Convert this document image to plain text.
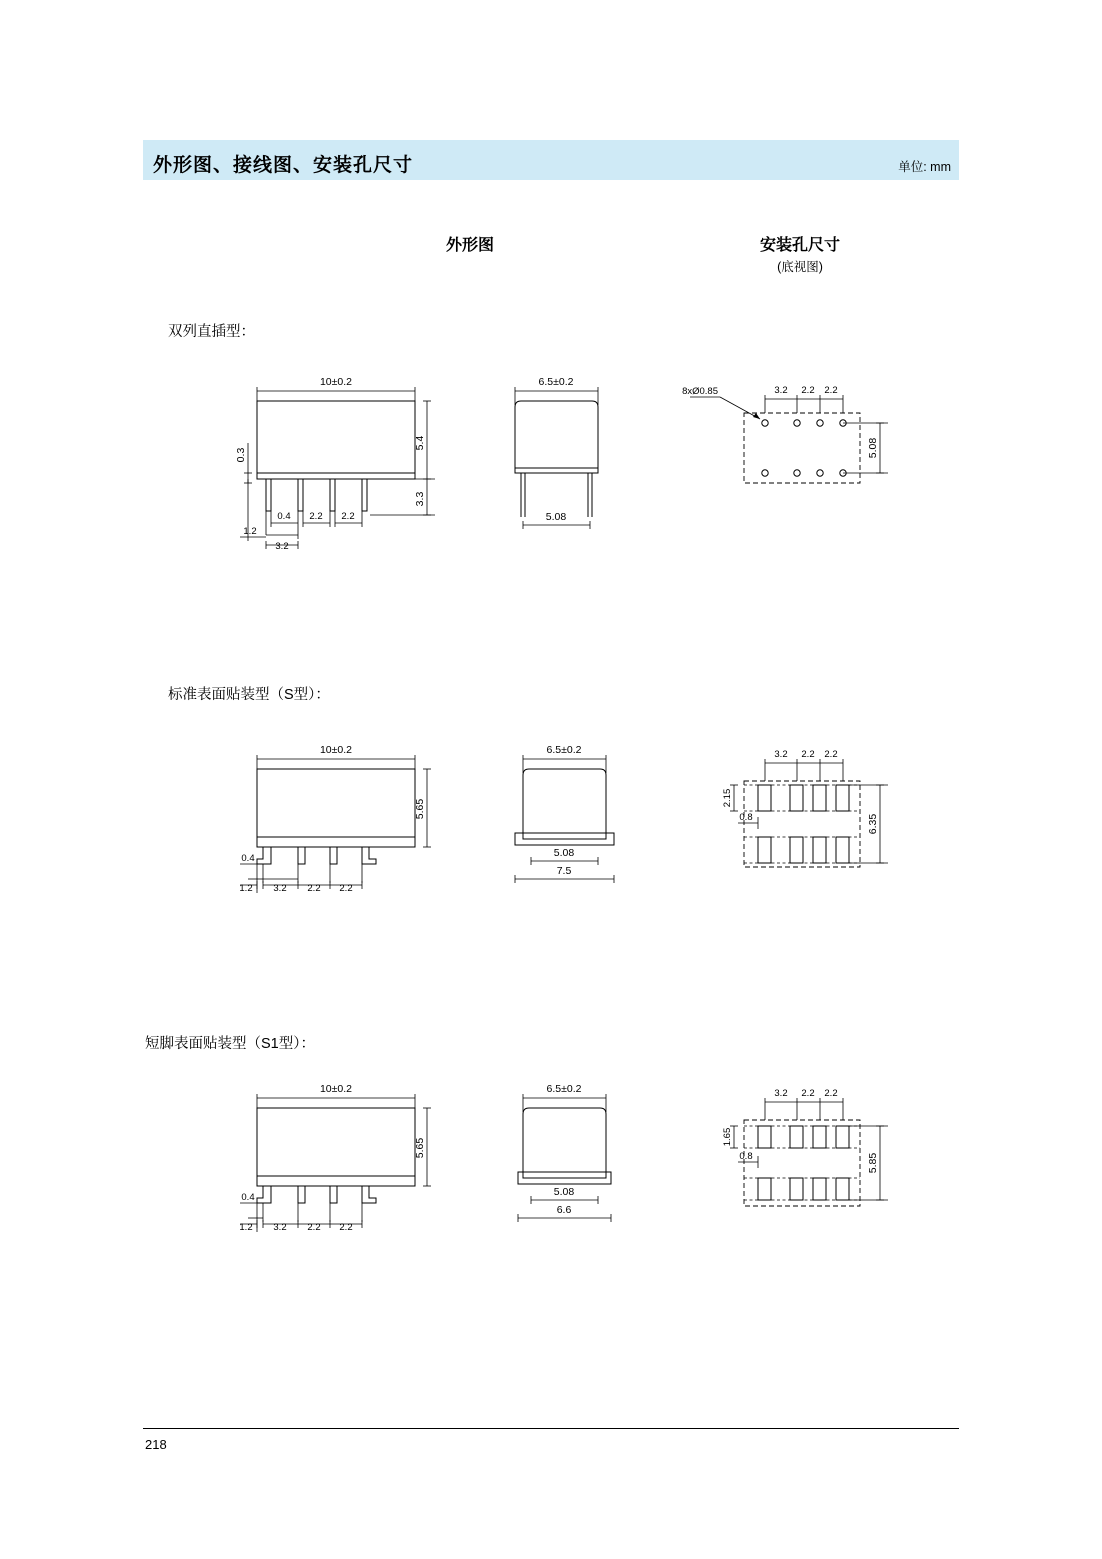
外形图、接线图、安装孔尺寸	单位: mm
外形图	安装孔尺寸
(底视图)
双列直插型：
10±0.2
5.4
3.3
0.3
0.4 2.2 2.2
1.2
3.2
6.5±0.2
5.08
3.2 2.2 2.2
8xØ0.85
5.08
标准表面贴装型（S型）：
10±0.2
5.65
0.4
1.2 3.2 2.2 2.2
6.5±0.2
5.08
7.5
3.2 2.2 2.2
2.15
0.8	6.35
短脚表面贴装型（S1型）：
10±0.2
5.65
0.4
1.2 3.2 2.2 2.2
6.5±0.2
5.08
6.6
3.2 2.2 2.2
1.65
0.8	5.85
218
